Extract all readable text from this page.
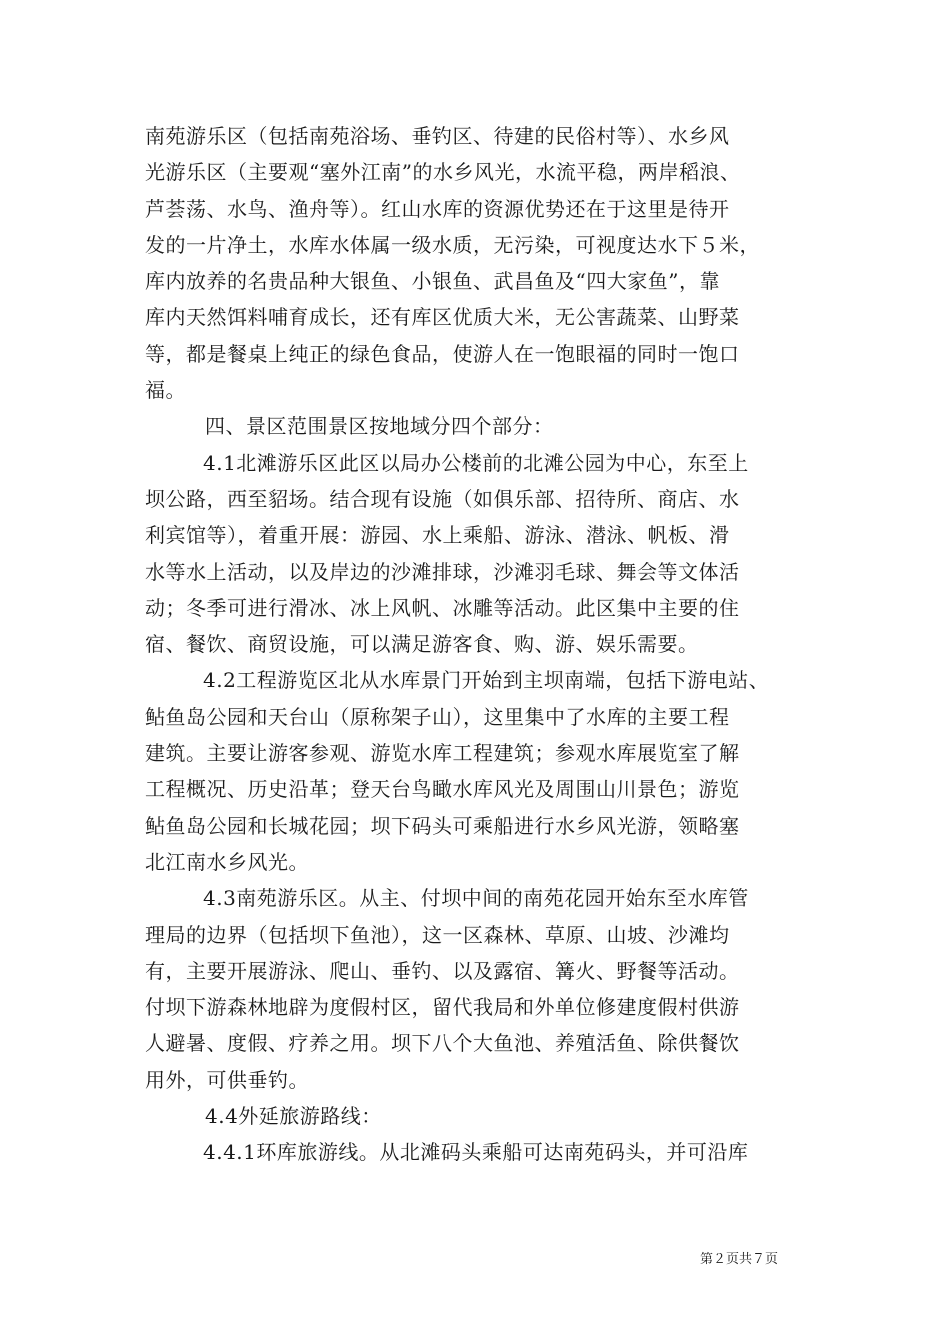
南苑游乐区（包括南苑浴场、垂钓区、待建的民俗村等）、水乡风
光游乐区（主要观“塞外江南”的水乡风光，水流平稳，两岸稻浪、
芦荟荡、水鸟、渔舟等）。红山水库的资源优势还在于这里是待开
发的一片净土，水库水体属一级水质，无污染，可视度达水下５米，
库内放养的名贵品种大银鱼、小银鱼、武昌鱼及“四大家鱼”，靠
库内天然饵料哺育成长，还有库区优质大米，无公害蔬菜、山野菜
等，都是餐桌上纯正的绿色食品，使游人在一饱眼福的同时一饱口
福。
四、景区范围景区按地域分四个部分：
4.1北滩游乐区此区以局办公楼前的北滩公园为中心，东至上
坝公路，西至貂场。结合现有设施（如俱乐部、招待所、商店、水
利宾馆等），着重开展：游园、水上乘船、游泳、潜泳、帆板、滑
水等水上活动，以及岸边的沙滩排球，沙滩羽毛球、舞会等文体活
动；冬季可进行滑冰、冰上风帆、冰雕等活动。此区集中主要的住
宿、餐饮、商贸设施，可以满足游客食、购、游、娱乐需要。
4.2工程游览区北从水库景门开始到主坝南端，包括下游电站、
鲇鱼岛公园和天台山（原称架子山），这里集中了水库的主要工程
建筑。主要让游客参观、游览水库工程建筑；参观水库展览室了解
工程概况、历史沿革；登天台鸟瞰水库风光及周围山川景色；游览
鲇鱼岛公园和长城花园；坝下码头可乘船进行水乡风光游，领略塞
北江南水乡风光。
4.3南苑游乐区。从主、付坝中间的南苑花园开始东至水库管
理局的边界（包括坝下鱼池），这一区森林、草原、山坡、沙滩均
有，主要开展游泳、爬山、垂钓、以及露宿、篝火、野餐等活动。
付坝下游森林地辟为度假村区，留代我局和外单位修建度假村供游
人避暑、度假、疗养之用。坝下八个大鱼池、养殖活鱼、除供餐饮
用外，可供垂钓。
4.4外延旅游路线：
4.4.1环库旅游线。从北滩码头乘船可达南苑码头，并可沿库
第２页共７页
